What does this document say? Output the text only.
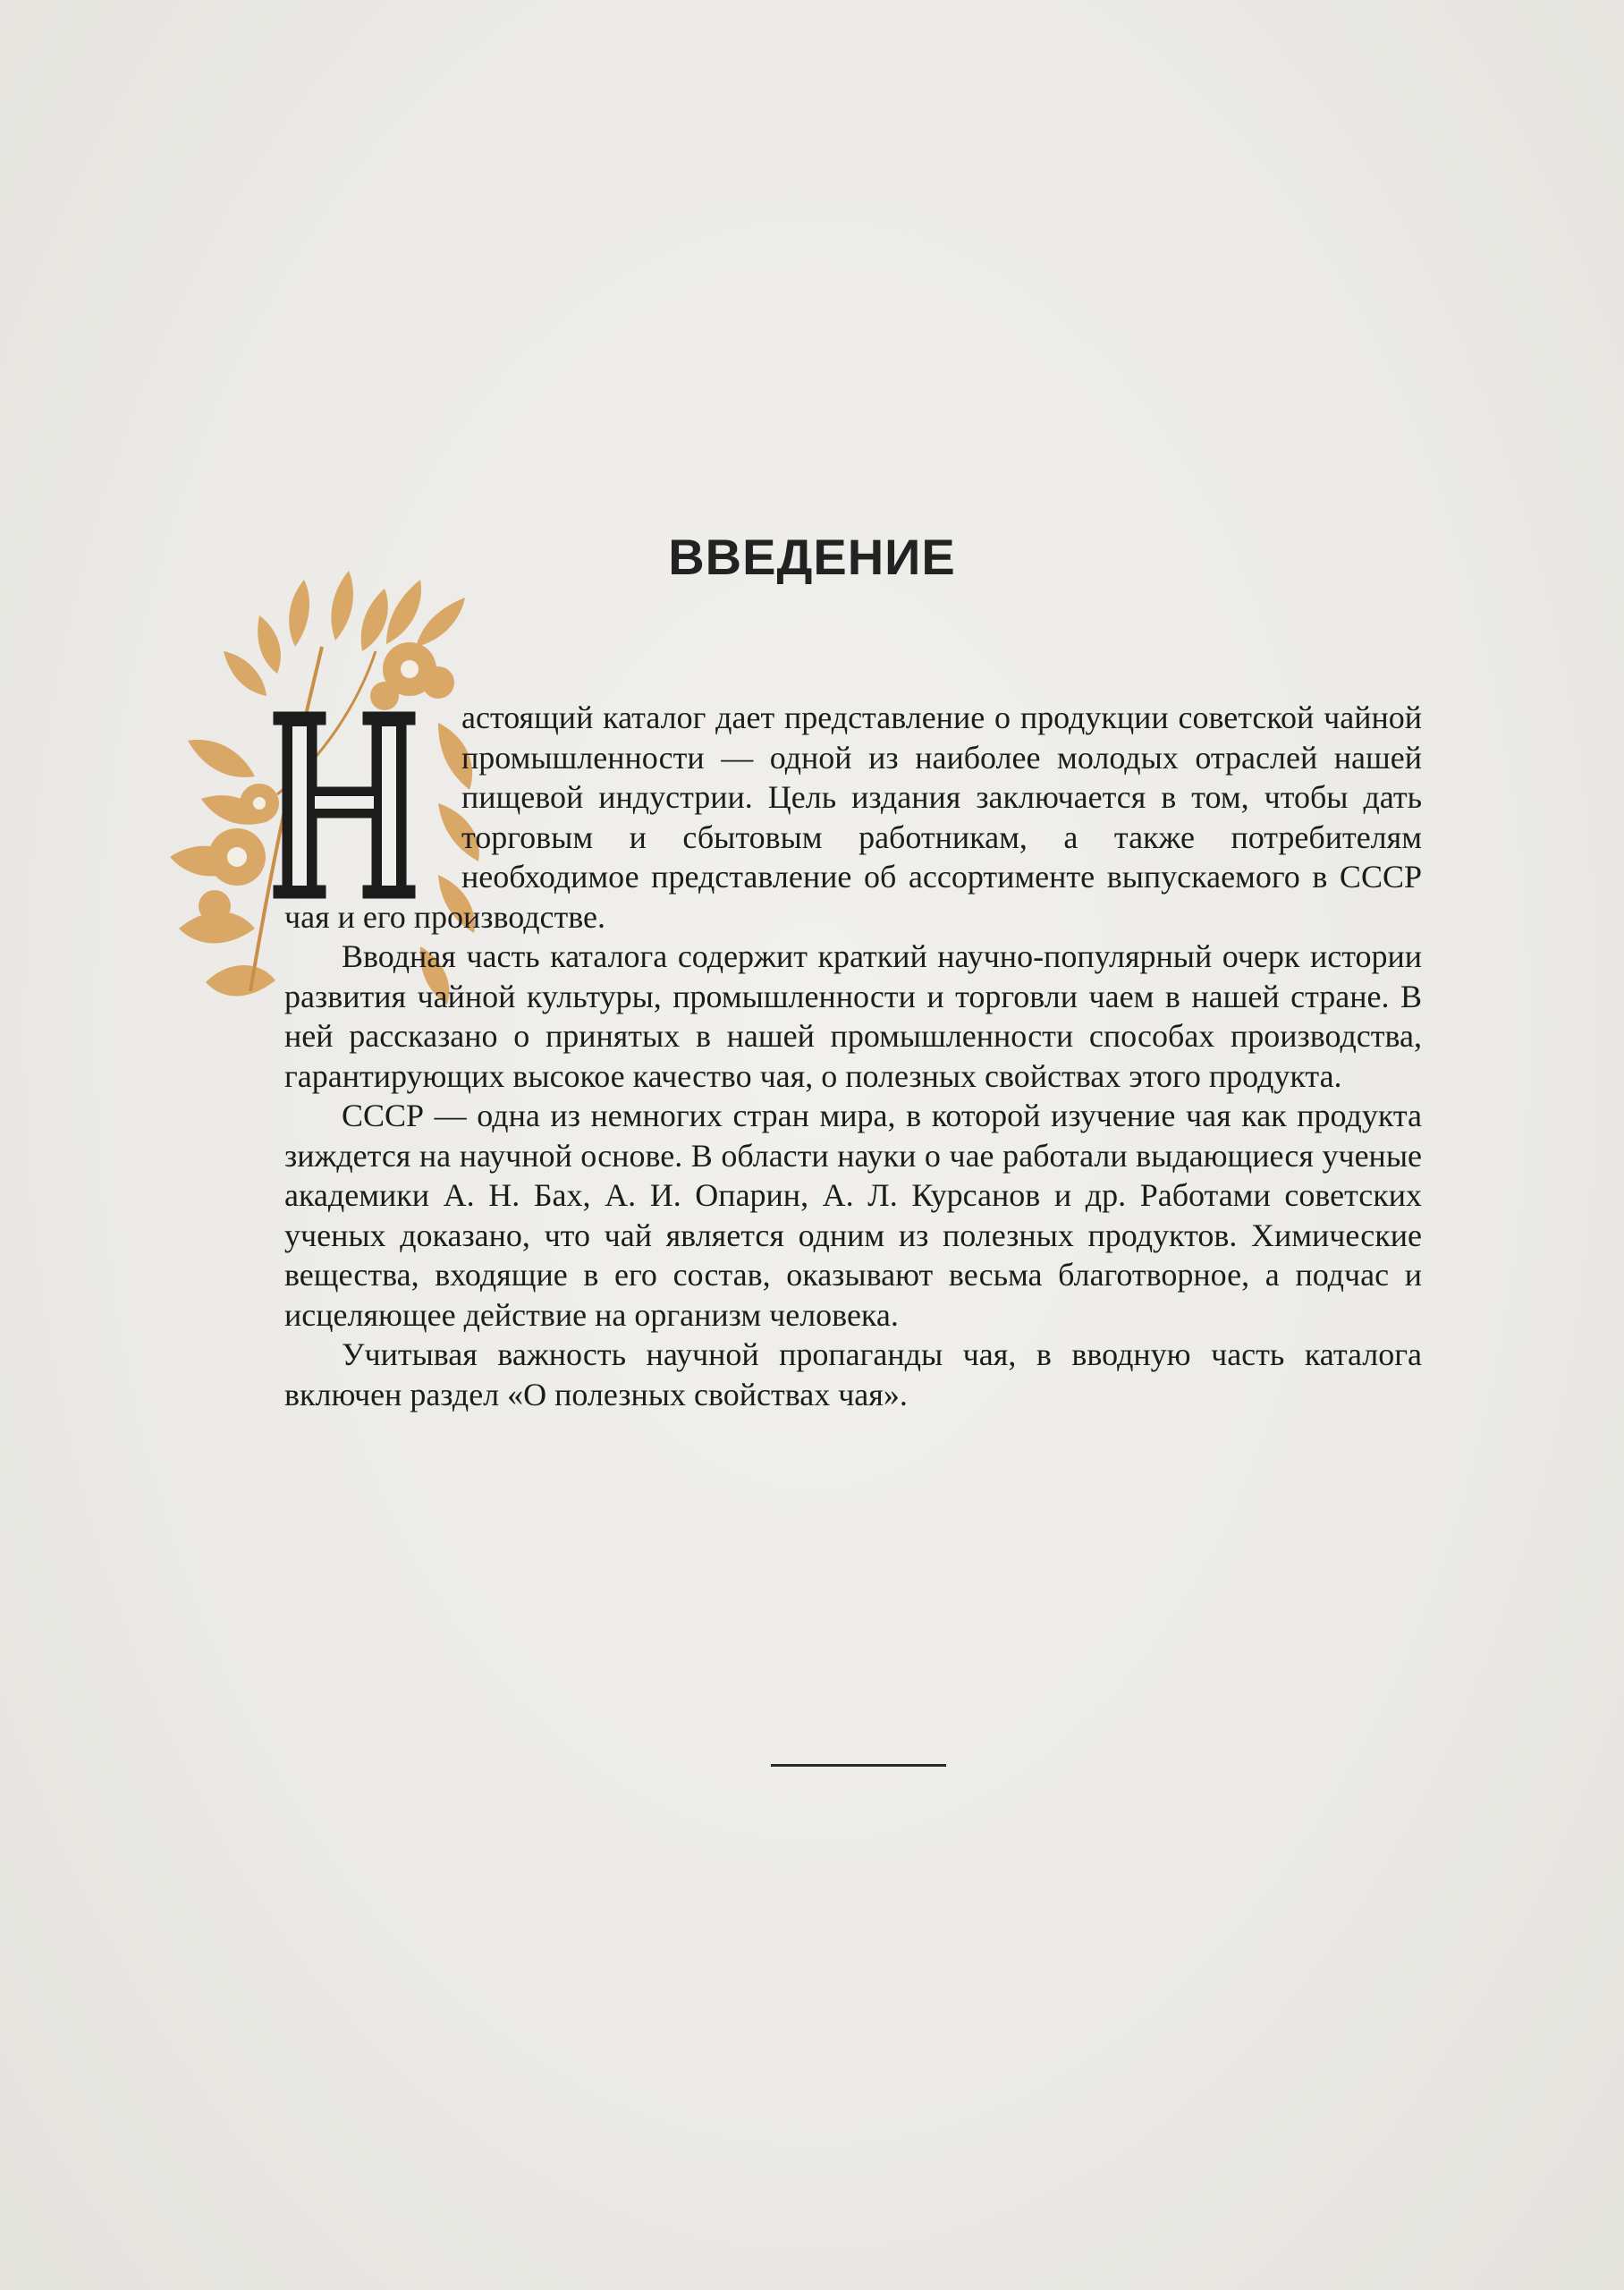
ВВЕДЕНИЕ

астоящий каталог дает представление о продукции советской чайной промышленности — одной из наиболее молодых отраслей нашей пищевой индустрии. Цель издания заключается в том, чтобы дать торговым и сбытовым работникам, а также потребителям необходимое представление об ассортименте выпускаемого в СССР чая и его производстве.

Вводная часть каталога содержит краткий научно-популярный очерк истории развития чайной культуры, промышленности и торговли чаем в нашей стране. В ней рассказано о принятых в нашей промышленности способах производства, гарантирующих высокое качество чая, о полезных свойствах этого продукта.

СССР — одна из немногих стран мира, в которой изучение чая как продукта зиждется на научной основе. В области науки о чае работали выдающиеся ученые академики А. Н. Бах, А. И. Опарин, А. Л. Курсанов и др. Работами советских ученых доказано, что чай является одним из полезных продуктов. Химические вещества, входящие в его состав, оказывают весьма благотворное, а подчас и исцеляющее действие на организм человека.

Учитывая важность научной пропаганды чая, в вводную часть каталога включен раздел «О полезных свойствах чая».
